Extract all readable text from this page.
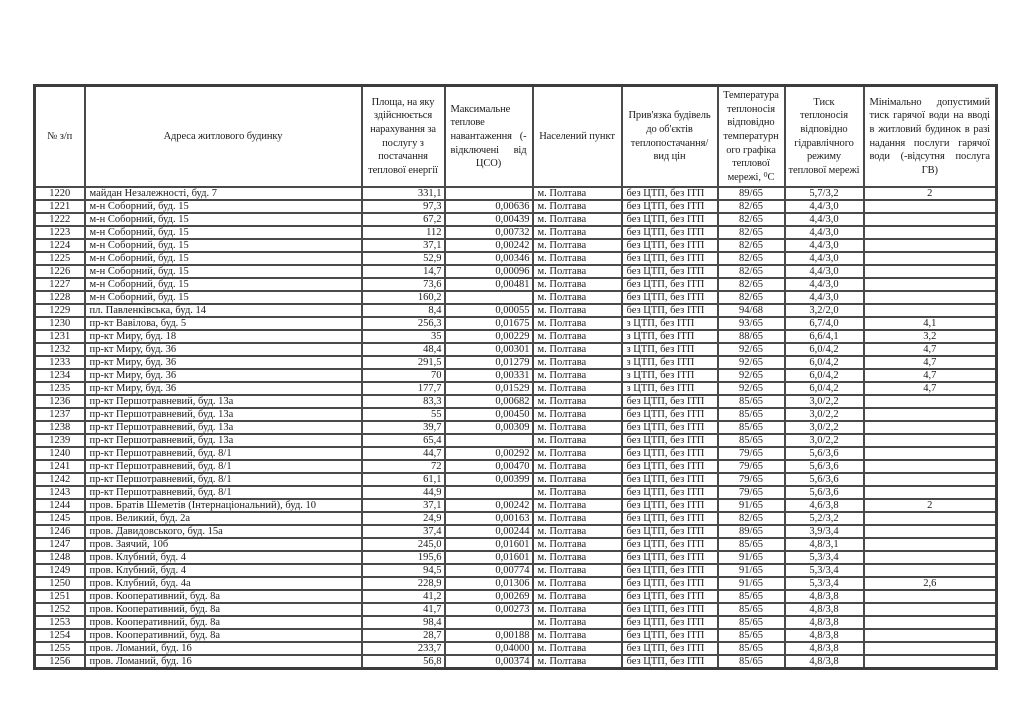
№ з/п	Адреса житлового будинку	Площа, на яку здійснюється нарахування за послугу з постачання теплової енергії	Максимальне теплове навантаження (-відключені від ЦСО)	Населений пункт	Прив'язка будівель до об'єктів теплопостачання/ вид цін	Температура теплоносія відповідно температурного графіка теплової мережі, ⁰С	Тиск теплоносія відповідно гідравлічного режиму теплової мережі	Мінімально допустимий тиск гарячої води на вводі в житловий будинок в разі надання послуги гарячої води (-відсутня послуга ГВ)
1220	майдан Незалежності, буд. 7	331,1		м. Полтава	без ЦТП, без ІТП	89/65	5,7/3,2	2
1221	м-н Соборний, буд. 15	97,3	0,00636	м. Полтава	без ЦТП, без ІТП	82/65	4,4/3,0	
1222	м-н Соборний, буд. 15	67,2	0,00439	м. Полтава	без ЦТП, без ІТП	82/65	4,4/3,0	
1223	м-н Соборний, буд. 15	112	0,00732	м. Полтава	без ЦТП, без ІТП	82/65	4,4/3,0	
1224	м-н Соборний, буд. 15	37,1	0,00242	м. Полтава	без ЦТП, без ІТП	82/65	4,4/3,0	
1225	м-н Соборний, буд. 15	52,9	0,00346	м. Полтава	без ЦТП, без ІТП	82/65	4,4/3,0	
1226	м-н Соборний, буд. 15	14,7	0,00096	м. Полтава	без ЦТП, без ІТП	82/65	4,4/3,0	
1227	м-н Соборний, буд. 15	73,6	0,00481	м. Полтава	без ЦТП, без ІТП	82/65	4,4/3,0	
1228	м-н Соборний, буд. 15	160,2		м. Полтава	без ЦТП, без ІТП	82/65	4,4/3,0	
1229	пл. Павленківська, буд. 14	8,4	0,00055	м. Полтава	без ЦТП, без ІТП	94/68	3,2/2,0	
1230	пр-кт Вавілова, буд. 5	256,3	0,01675	м. Полтава	з ЦТП, без ІТП	93/65	6,7/4,0	4,1
1231	пр-кт Миру, буд. 18	35	0,00229	м. Полтава	з ЦТП, без ІТП	88/65	6,6/4,1	3,2
1232	пр-кт Миру, буд. 36	48,4	0,00301	м. Полтава	з ЦТП, без ІТП	92/65	6,0/4,2	4,7
1233	пр-кт Миру, буд. 36	291,5	0,01279	м. Полтава	з ЦТП, без ІТП	92/65	6,0/4,2	4,7
1234	пр-кт Миру, буд. 36	70	0,00331	м. Полтава	з ЦТП, без ІТП	92/65	6,0/4,2	4,7
1235	пр-кт Миру, буд. 36	177,7	0,01529	м. Полтава	з ЦТП, без ІТП	92/65	6,0/4,2	4,7
1236	пр-кт Першотравневий, буд. 13а	83,3	0,00682	м. Полтава	без ЦТП, без ІТП	85/65	3,0/2,2	
1237	пр-кт Першотравневий, буд. 13а	55	0,00450	м. Полтава	без ЦТП, без ІТП	85/65	3,0/2,2	
1238	пр-кт Першотравневий, буд. 13а	39,7	0,00309	м. Полтава	без ЦТП, без ІТП	85/65	3,0/2,2	
1239	пр-кт Першотравневий, буд. 13а	65,4		м. Полтава	без ЦТП, без ІТП	85/65	3,0/2,2	
1240	пр-кт Першотравневий, буд. 8/1	44,7	0,00292	м. Полтава	без ЦТП, без ІТП	79/65	5,6/3,6	
1241	пр-кт Першотравневий, буд. 8/1	72	0,00470	м. Полтава	без ЦТП, без ІТП	79/65	5,6/3,6	
1242	пр-кт Першотравневий, буд. 8/1	61,1	0,00399	м. Полтава	без ЦТП, без ІТП	79/65	5,6/3,6	
1243	пр-кт Першотравневий, буд. 8/1	44,9		м. Полтава	без ЦТП, без ІТП	79/65	5,6/3,6	
1244	пров. Братів Шеметів (Інтернаціональний), буд. 10	37,1	0,00242	м. Полтава	без ЦТП, без ІТП	91/65	4,6/3,8	2
1245	пров. Великий, буд. 2а	24,9	0,00163	м. Полтава	без ЦТП, без ІТП	82/65	5,2/3,2	
1246	пров. Давидовського, буд. 15а	37,4	0,00244	м. Полтава	без ЦТП, без ІТП	89/65	3,9/3,4	
1247	пров. Заячий, 10б	245,0	0,01601	м. Полтава	без ЦТП, без ІТП	85/65	4,8/3,1	
1248	пров. Клубний, буд. 4	195,6	0,01601	м. Полтава	без ЦТП, без ІТП	91/65	5,3/3,4	
1249	пров. Клубний, буд. 4	94,5	0,00774	м. Полтава	без ЦТП, без ІТП	91/65	5,3/3,4	
1250	пров. Клубний, буд. 4а	228,9	0,01306	м. Полтава	без ЦТП, без ІТП	91/65	5,3/3,4	2,6
1251	пров. Кооперативний, буд. 8а	41,2	0,00269	м. Полтава	без ЦТП, без ІТП	85/65	4,8/3,8	
1252	пров. Кооперативний, буд. 8а	41,7	0,00273	м. Полтава	без ЦТП, без ІТП	85/65	4,8/3,8	
1253	пров. Кооперативний, буд. 8а	98,4		м. Полтава	без ЦТП, без ІТП	85/65	4,8/3,8	
1254	пров. Кооперативний, буд. 8а	28,7	0,00188	м. Полтава	без ЦТП, без ІТП	85/65	4,8/3,8	
1255	пров. Ломаний, буд. 16	233,7	0,04000	м. Полтава	без ЦТП, без ІТП	85/65	4,8/3,8	
1256	пров. Ломаний, буд. 16	56,8	0,00374	м. Полтава	без ЦТП, без ІТП	85/65	4,8/3,8	
